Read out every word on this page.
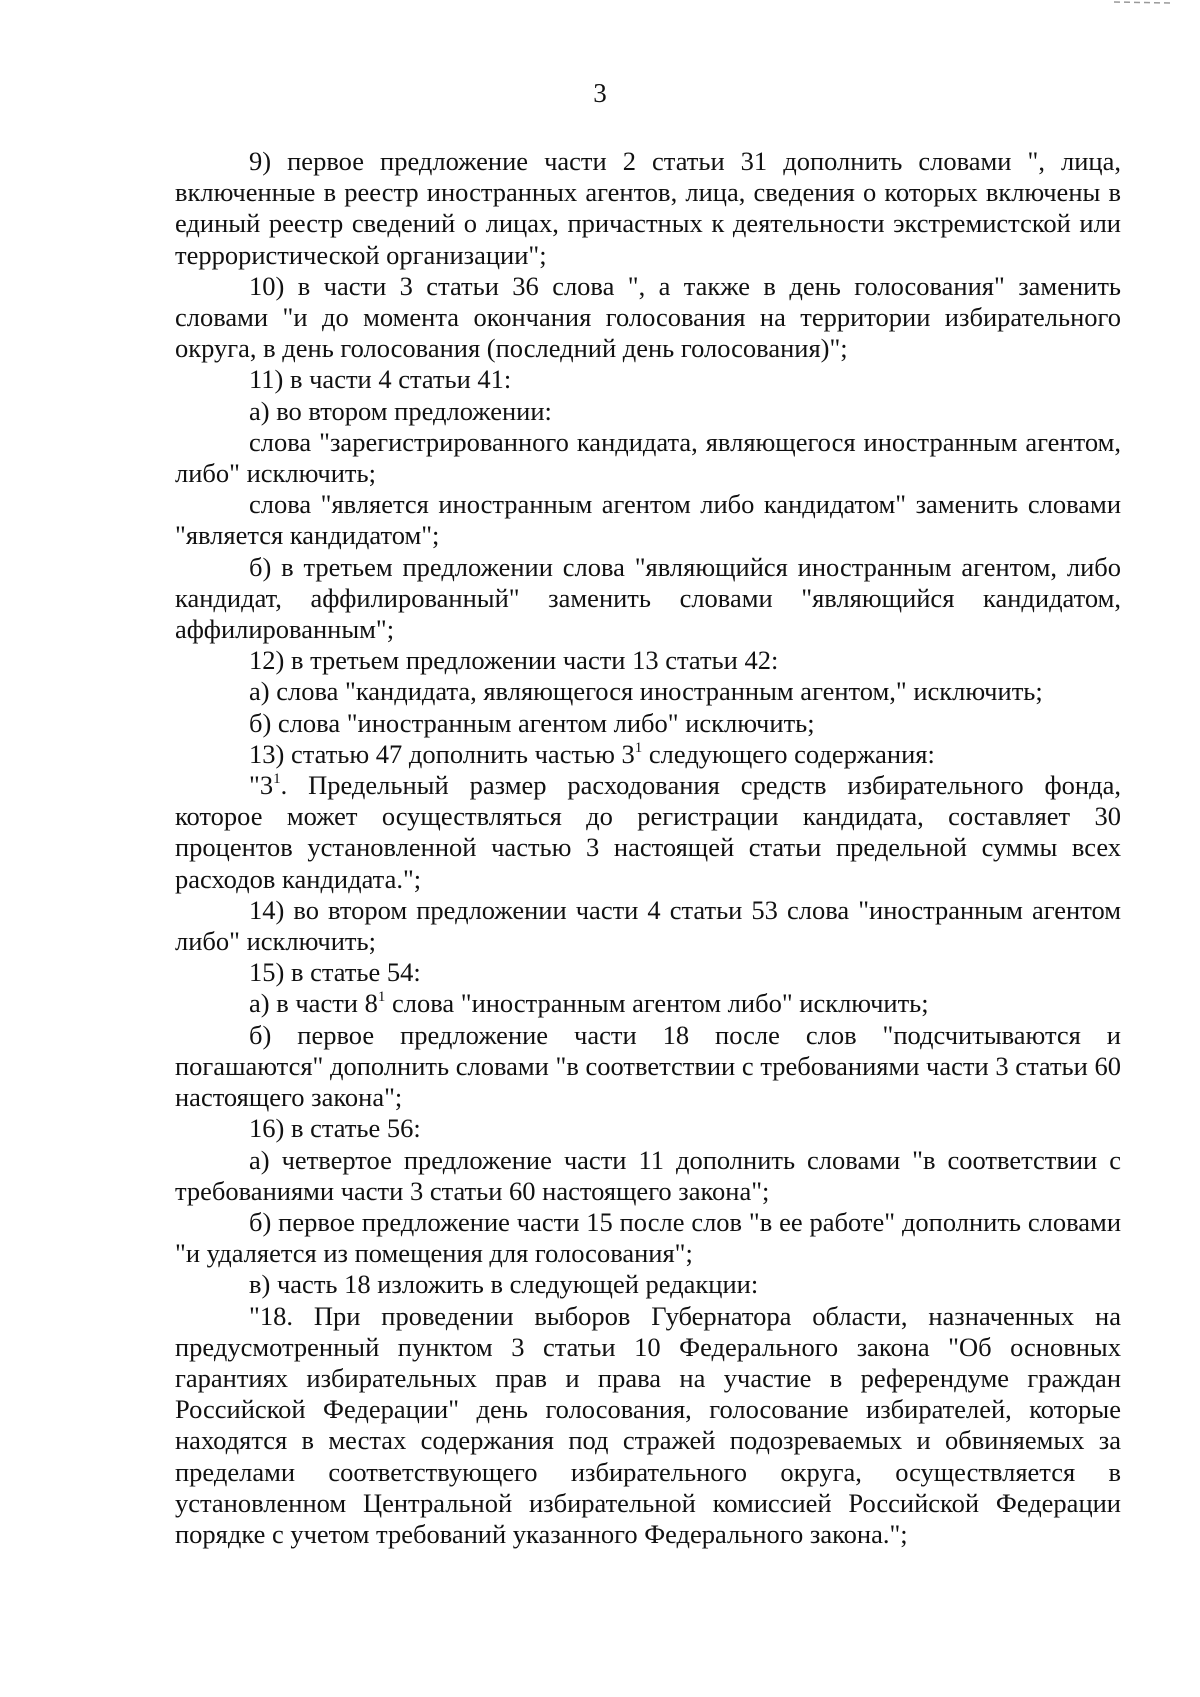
3

9) первое предложение части 2 статьи 31 дополнить словами ", лица, включенные в реестр иностранных агентов, лица, сведения о которых включены в единый реестр сведений о лицах, причастных к деятельности экстремистской или террористической организации";

10) в части 3 статьи 36 слова ", а также в день голосования" заменить словами "и до момента окончания голосования на территории избирательного округа, в день голосования (последний день голосования)";

11) в части 4 статьи 41:

а) во втором предложении:

слова "зарегистрированного кандидата, являющегося иностранным агентом, либо" исключить;

слова "является иностранным агентом либо кандидатом" заменить словами "является кандидатом";

б) в третьем предложении слова "являющийся иностранным агентом, либо кандидат, аффилированный" заменить словами "являющийся кандидатом, аффилированным";

12) в третьем предложении части 13 статьи 42:

а) слова "кандидата, являющегося иностранным агентом," исключить;

б) слова "иностранным агентом либо" исключить;

13) статью 47 дополнить частью $3^1$ следующего содержания:

"$3^1$. Предельный размер расходования средств избирательного фонда, которое может осуществляться до регистрации кандидата, составляет 30 процентов установленной частью 3 настоящей статьи предельной суммы всех расходов кандидата.";

14) во втором предложении части 4 статьи 53 слова "иностранным агентом либо" исключить;

15) в статье 54:

а) в части $8^1$ слова "иностранным агентом либо" исключить;

б) первое предложение части 18 после слов "подсчитываются и погашаются" дополнить словами "в соответствии с требованиями части 3 статьи 60 настоящего закона";

16) в статье 56:

а) четвертое предложение части 11 дополнить словами "в соответствии с требованиями части 3 статьи 60 настоящего закона";

б) первое предложение части 15 после слов "в ее работе" дополнить словами "и удаляется из помещения для голосования";

в) часть 18 изложить в следующей редакции:

"18. При проведении выборов Губернатора области, назначенных на предусмотренный пунктом 3 статьи 10 Федерального закона "Об основных гарантиях избирательных прав и права на участие в референдуме граждан Российской Федерации" день голосования, голосование избирателей, которые находятся в местах содержания под стражей подозреваемых и обвиняемых за пределами соответствующего избирательного округа, осуществляется в установленном Центральной избирательной комиссией Российской Федерации порядке с учетом требований указанного Федерального закона.";
